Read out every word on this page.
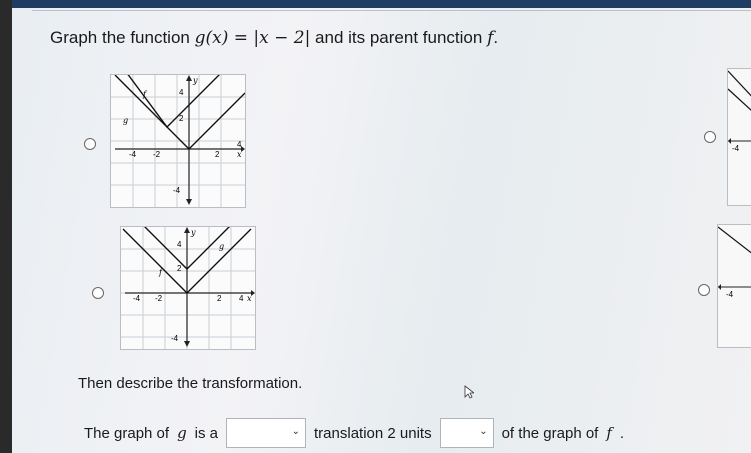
Graph the function g(x) = |x − 2| and its parent function f.
y
x
f
g
-4 -2	2
4
4
2
-4
y
x
f
g
-4 -2	2 4
4
2
-4
-4
-4
Then describe the transformation.
The graph of g is a	⌄ translation 2 units	⌄ of the graph of f .
